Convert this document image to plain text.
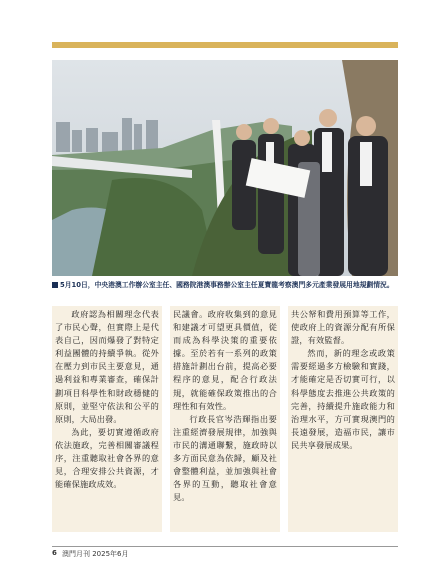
5月10日，中央港澳工作辦公室主任、國務院港澳事務辦公室主任夏寶龍考察澳門多元產業發展用地規劃情況。

政府認為相關理念代表了市民心聲，但實際上是代表自己，因而爆發了對特定利益團體的持續爭執。從外在壓力到市民主要意見，通過利益和專業審查，確保計劃項目科學性和財政穩健的原則，並堅守依法和公平的原則，大局出發。

為此，要切實遵循政府依法施政，完善相關審議程序，注重聽取社會各界的意見，合理安排公共資源，才能確保施政成效。

民議會。政府收集到的意見和建議才可望更具價值，從而成為科學決策的重要依據。至於若有一系列的政策措施計劃出台前，提高必要程序的意見，配合行政法規，就能確保政策推出的合理性和有效性。

行政長官岑浩輝指出要注重經濟發展規律，加強與市民的溝通聯繫，施政時以多方面民意為依歸，顧及社會整體利益，並加強與社會各界的互動，聽取社會意見。

共公帑和費用預算等工作，使政府上的資源分配有所保證，有效監督。

然而，新的理念或政策需要經過多方檢驗和實踐，才能確定是否切實可行，以科學態度去推進公共政策的完善，持續提升施政能力和治理水平，方可實現澳門的長遠發展，造福市民，讓市民共享發展成果。

6 澳門月刊 2025年6月
